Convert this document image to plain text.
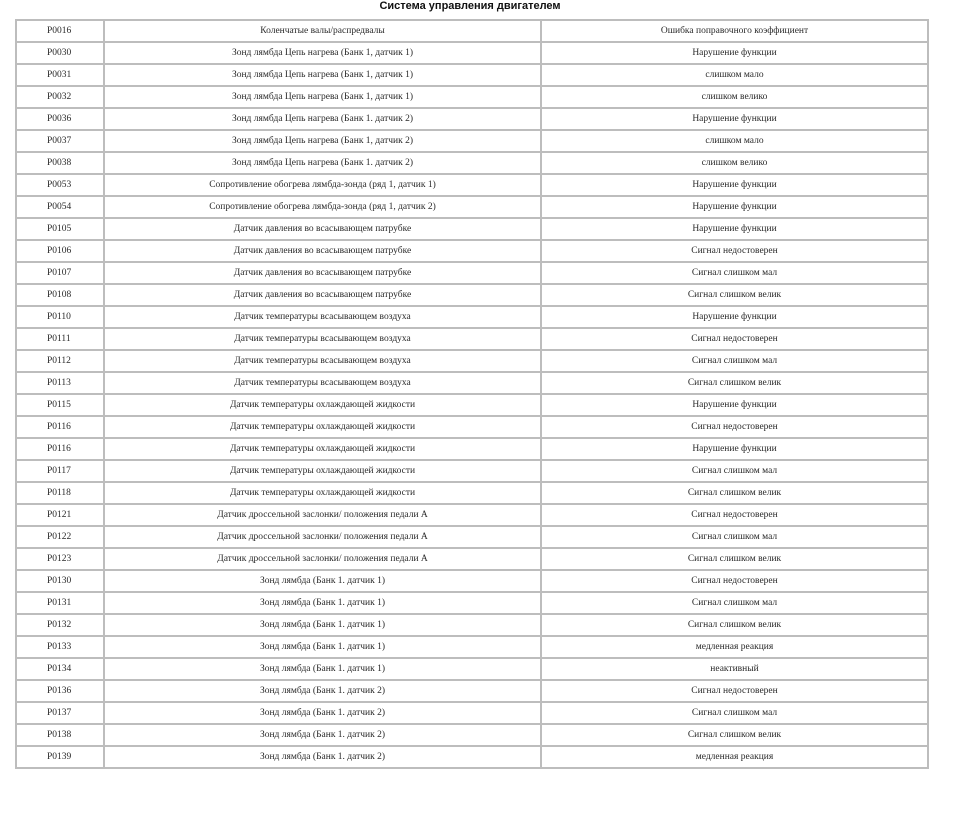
Система управления двигателем
P0016	Коленчатые валы/распредвалы	Ошибка поправочного коэффициент
P0030	Зонд лямбда Цепь нагрева (Банк 1, датчик 1)	Нарушение функции
P0031	Зонд лямбда Цепь нагрева (Банк 1, датчик 1)	слишком мало
P0032	Зонд лямбда Цепь нагрева (Банк 1, датчик 1)	слишком велико
P0036	Зонд лямбда Цепь нагрева (Банк 1. датчик 2)	Нарушение функции
P0037	Зонд лямбда Цепь нагрева (Банк 1, датчик 2)	слишком мало
P0038	Зонд лямбда Цепь нагрева (Банк 1. датчик 2)	слишком велико
P0053	Сопротивление обогрева лямбда-зонда (ряд 1, датчик 1)	Нарушение функции
P0054	Сопротивление обогрева лямбда-зонда (ряд 1, датчик 2)	Нарушение функции
P0105	Датчик давления во всасывающем патрубке	Нарушение функции
P0106	Датчик давления во всасывающем патрубке	Сигнал недостоверен
P0107	Датчик давления во всасывающем патрубке	Сигнал слишком мал
P0108	Датчик давления во всасывающем патрубке	Сигнал слишком велик
P0110	Датчик температуры всасывающем воздуха	Нарушение функции
P0111	Датчик температуры всасывающем воздуха	Сигнал недостоверен
P0112	Датчик температуры всасывающем воздуха	Сигнал слишком мал
P0113	Датчик температуры всасывающем воздуха	Сигнал слишком велик
P0115	Датчик температуры охлаждающей жидкости	Нарушение функции
P0116	Датчик температуры охлаждающей жидкости	Сигнал недостоверен
P0116	Датчик температуры охлаждающей жидкости	Нарушение функции
P0117	Датчик температуры охлаждающей жидкости	Сигнал слишком мал
P0118	Датчик температуры охлаждающей жидкости	Сигнал слишком велик
P0121	Датчик дроссельной заслонки/ положения педали А	Сигнал недостоверен
P0122	Датчик дроссельной заслонки/ положения педали А	Сигнал слишком мал
P0123	Датчик дроссельной заслонки/ положения педали А	Сигнал слишком велик
P0130	Зонд лямбда (Банк 1. датчик 1)	Сигнал недостоверен
P0131	Зонд лямбда (Банк 1. датчик 1)	Сигнал слишком мал
P0132	Зонд лямбда (Банк 1. датчик 1)	Сигнал слишком велик
P0133	Зонд лямбда (Банк 1. датчик 1)	медленная реакция
P0134	Зонд лямбда (Банк 1. датчик 1)	неактивный
P0136	Зонд лямбда (Банк 1. датчик 2)	Сигнал недостоверен
P0137	Зонд лямбда (Банк 1. датчик 2)	Сигнал слишком мал
P0138	Зонд лямбда (Банк 1. датчик 2)	Сигнал слишком велик
P0139	Зонд лямбда (Банк 1. датчик 2)	медленная реакция
